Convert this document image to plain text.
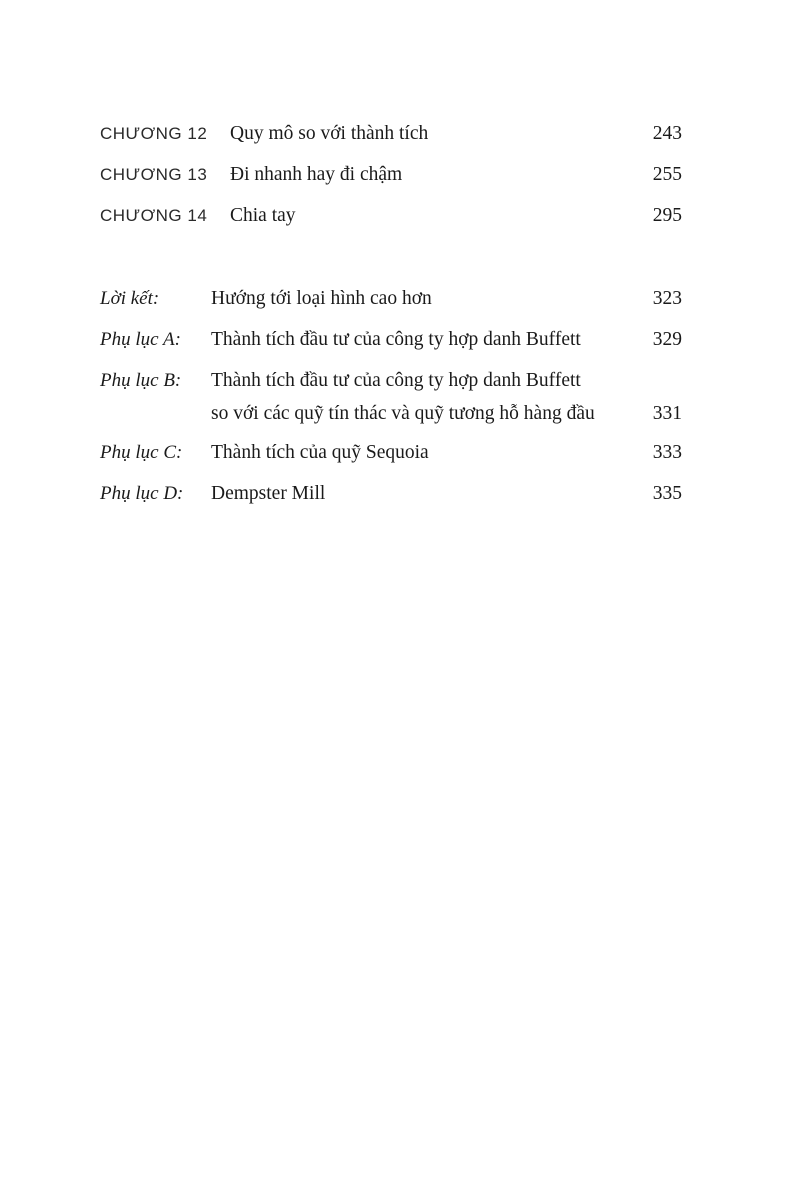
CHƯƠNG 12 Quy mô so với thành tích	243
CHƯƠNG 13 Đi nhanh hay đi chậm	255
CHƯƠNG 14 Chia tay	295
Lời kết:	Hướng tới loại hình cao hơn	323
Phụ lục A: Thành tích đầu tư của công ty hợp danh Buffett	329
Phụ lục B: Thành tích đầu tư của công ty hợp danh Buffett
so với các quỹ tín thác và quỹ tương hỗ hàng đầu	331
Phụ lục C: Thành tích của quỹ Sequoia	333
Phụ lục D: Dempster Mill	335
